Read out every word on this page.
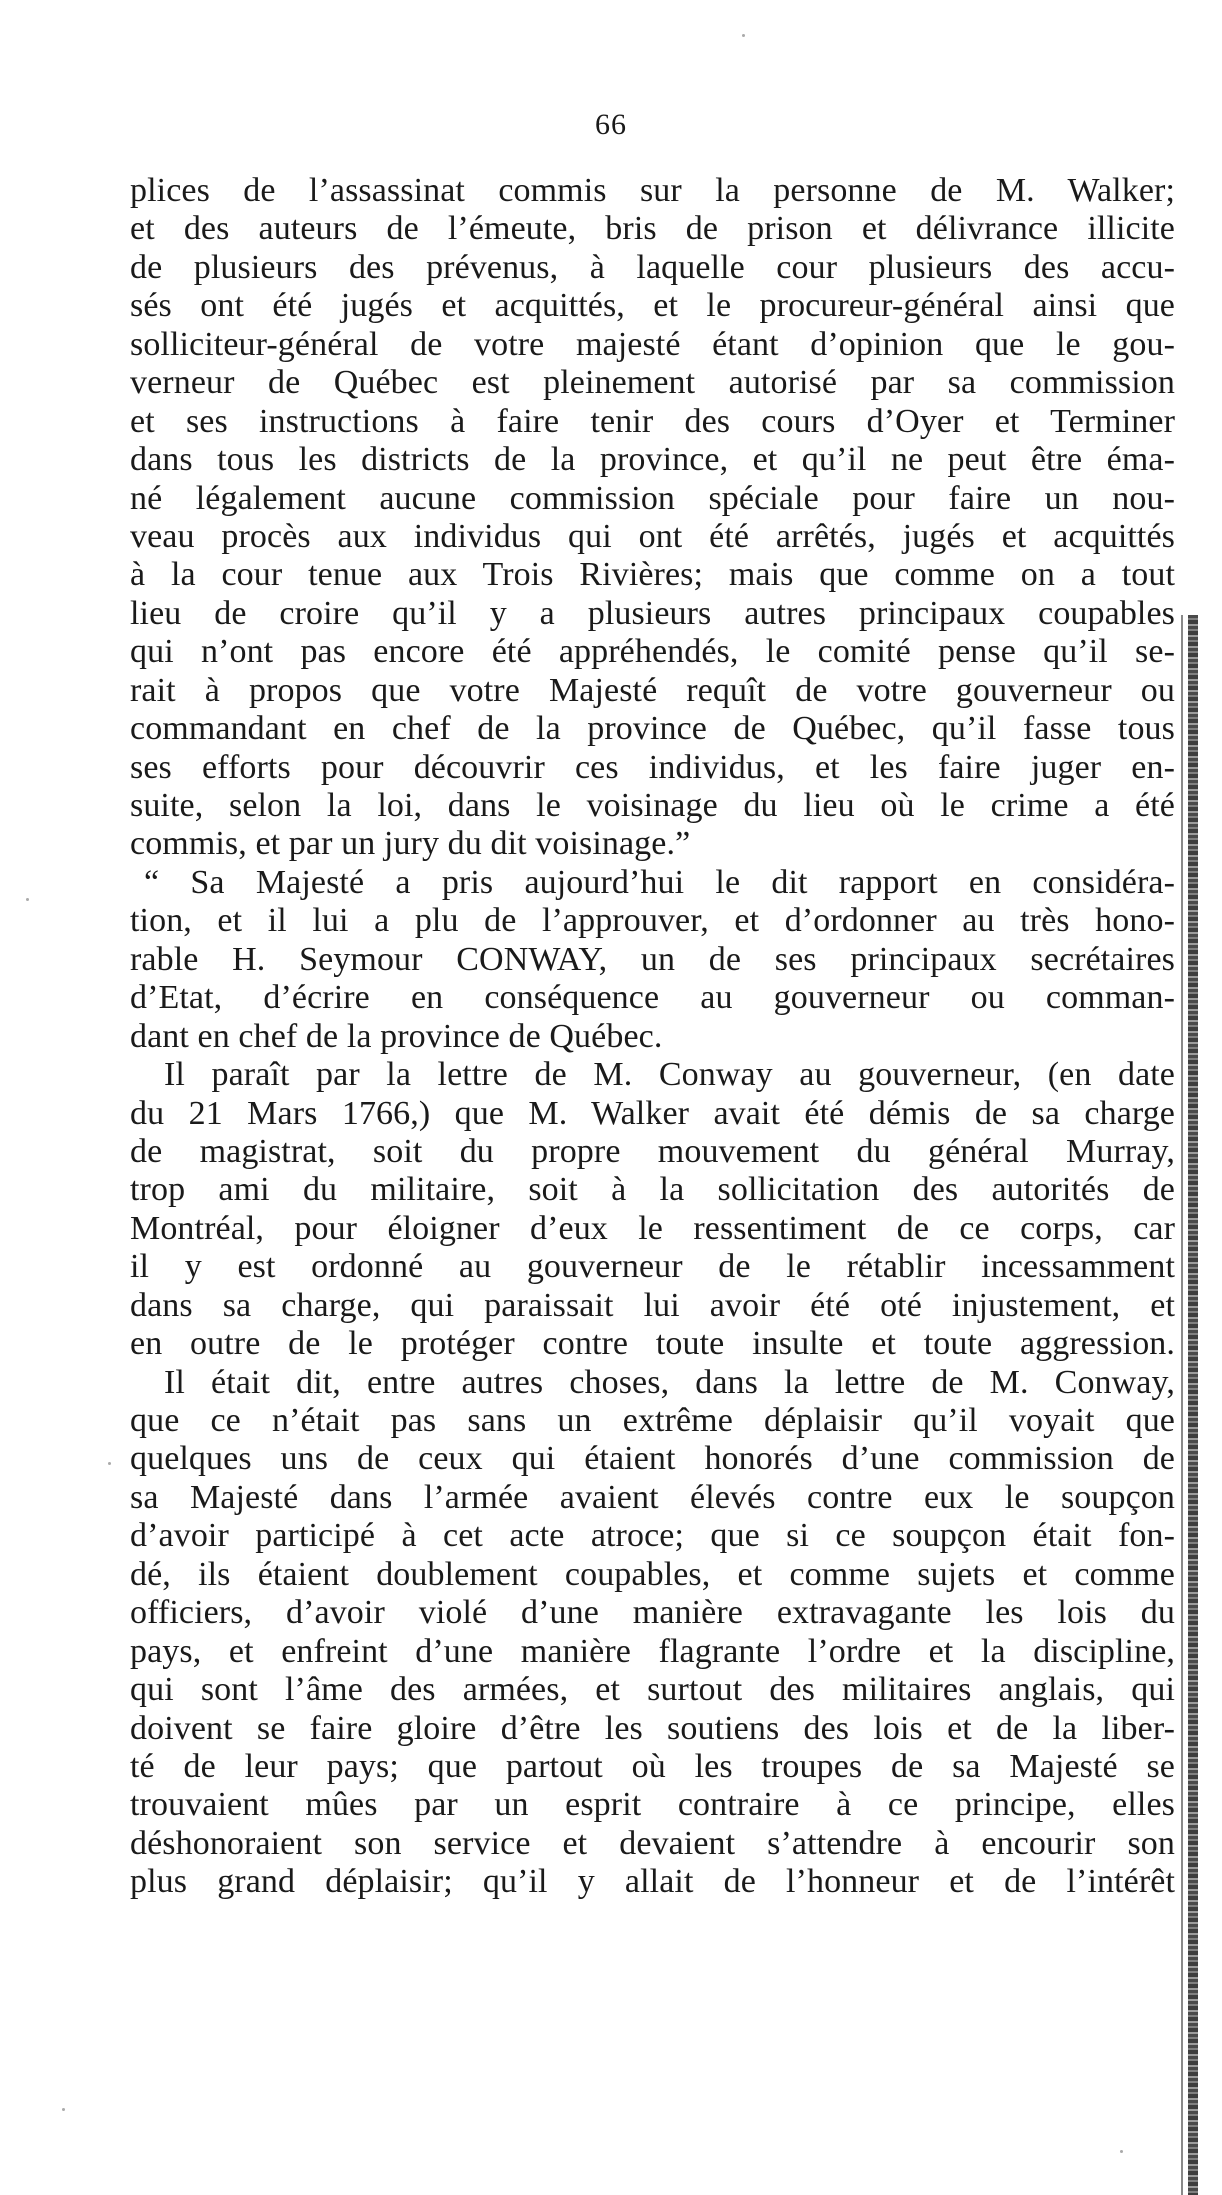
66
plices de l’assassinat commis sur la personne de M. Walker;
et des auteurs de l’émeute, bris de prison et délivrance illicite
de plusieurs des prévenus, à laquelle cour plusieurs des accu-
sés ont été jugés et acquittés, et le procureur-général ainsi que
solliciteur-général de votre majesté étant d’opinion que le gou-
verneur de Québec est pleinement autorisé par sa commission
et ses instructions à faire tenir des cours d’Oyer et Terminer
dans tous les districts de la province, et qu’il ne peut être éma-
né légalement aucune commission spéciale pour faire un nou-
veau procès aux individus qui ont été arrêtés, jugés et acquittés
à la cour tenue aux Trois Rivières; mais que comme on a tout
lieu de croire qu’il y a plusieurs autres principaux coupables
qui n’ont pas encore été appréhendés, le comité pense qu’il se-
rait à propos que votre Majesté requît de votre gouverneur ou
commandant en chef de la province de Québec, qu’il fasse tous
ses efforts pour découvrir ces individus, et les faire juger en-
suite, selon la loi, dans le voisinage du lieu où le crime a été
commis, et par un jury du dit voisinage.”
“ Sa Majesté a pris aujourd’hui le dit rapport en considéra-
tion, et il lui a plu de l’approuver, et d’ordonner au très hono-
rable H. Seymour CONWAY, un de ses principaux secrétaires
d’Etat, d’écrire en conséquence au gouverneur ou comman-
dant en chef de la province de Québec.
Il paraît par la lettre de M. Conway au gouverneur, (en date
du 21 Mars 1766,) que M. Walker avait été démis de sa charge
de magistrat, soit du propre mouvement du général Murray,
trop ami du militaire, soit à la sollicitation des autorités de
Montréal, pour éloigner d’eux le ressentiment de ce corps, car
il y est ordonné au gouverneur de le rétablir incessamment
dans sa charge, qui paraissait lui avoir été oté injustement, et
en outre de le protéger contre toute insulte et toute aggression.
Il était dit, entre autres choses, dans la lettre de M. Conway,
que ce n’était pas sans un extrême déplaisir qu’il voyait que
quelques uns de ceux qui étaient honorés d’une commission de
sa Majesté dans l’armée avaient élevés contre eux le soupçon
d’avoir participé à cet acte atroce; que si ce soupçon était fon-
dé, ils étaient doublement coupables, et comme sujets et comme
officiers, d’avoir violé d’une manière extravagante les lois du
pays, et enfreint d’une manière flagrante l’ordre et la discipline,
qui sont l’âme des armées, et surtout des militaires anglais, qui
doivent se faire gloire d’être les soutiens des lois et de la liber-
té de leur pays; que partout où les troupes de sa Majesté se
trouvaient mûes par un esprit contraire à ce principe, elles
déshonoraient son service et devaient s’attendre à encourir son
plus grand déplaisir; qu’il y allait de l’honneur et de l’intérêt
